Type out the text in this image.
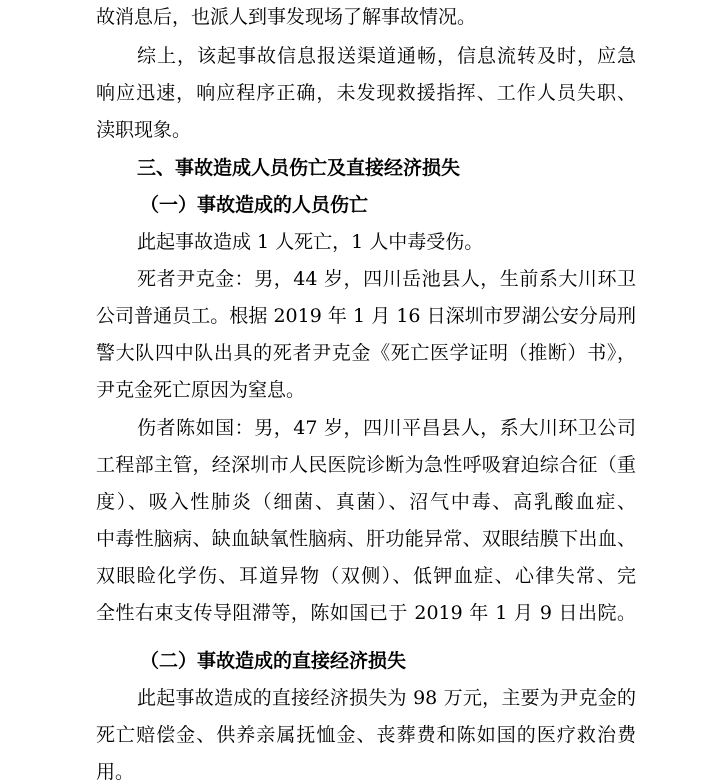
故消息后，也派人到事发现场了解事故情况。
综上，该起事故信息报送渠道通畅，信息流转及时，应急
响应迅速，响应程序正确，未发现救援指挥、工作人员失职、
渎职现象。
三、事故造成人员伤亡及直接经济损失
（一）事故造成的人员伤亡
此起事故造成 1 人死亡，1 人中毒受伤。
死者尹克金：男，44 岁，四川岳池县人，生前系大川环卫
公司普通员工。根据 2019 年 1 月 16 日深圳市罗湖公安分局刑
警大队四中队出具的死者尹克金《死亡医学证明（推断）书》，
尹克金死亡原因为窒息。
伤者陈如国：男，47 岁，四川平昌县人，系大川环卫公司
工程部主管，经深圳市人民医院诊断为急性呼吸窘迫综合征（重
度）、吸入性肺炎（细菌、真菌）、沼气中毒、高乳酸血症、
中毒性脑病、缺血缺氧性脑病、肝功能异常、双眼结膜下出血、
双眼睑化学伤、耳道异物（双侧）、低钾血症、心律失常、完
全性右束支传导阻滞等，陈如国已于 2019 年 1 月 9 日出院。
（二）事故造成的直接经济损失
此起事故造成的直接经济损失为 98 万元，主要为尹克金的
死亡赔偿金、供养亲属抚恤金、丧葬费和陈如国的医疗救治费
用。
